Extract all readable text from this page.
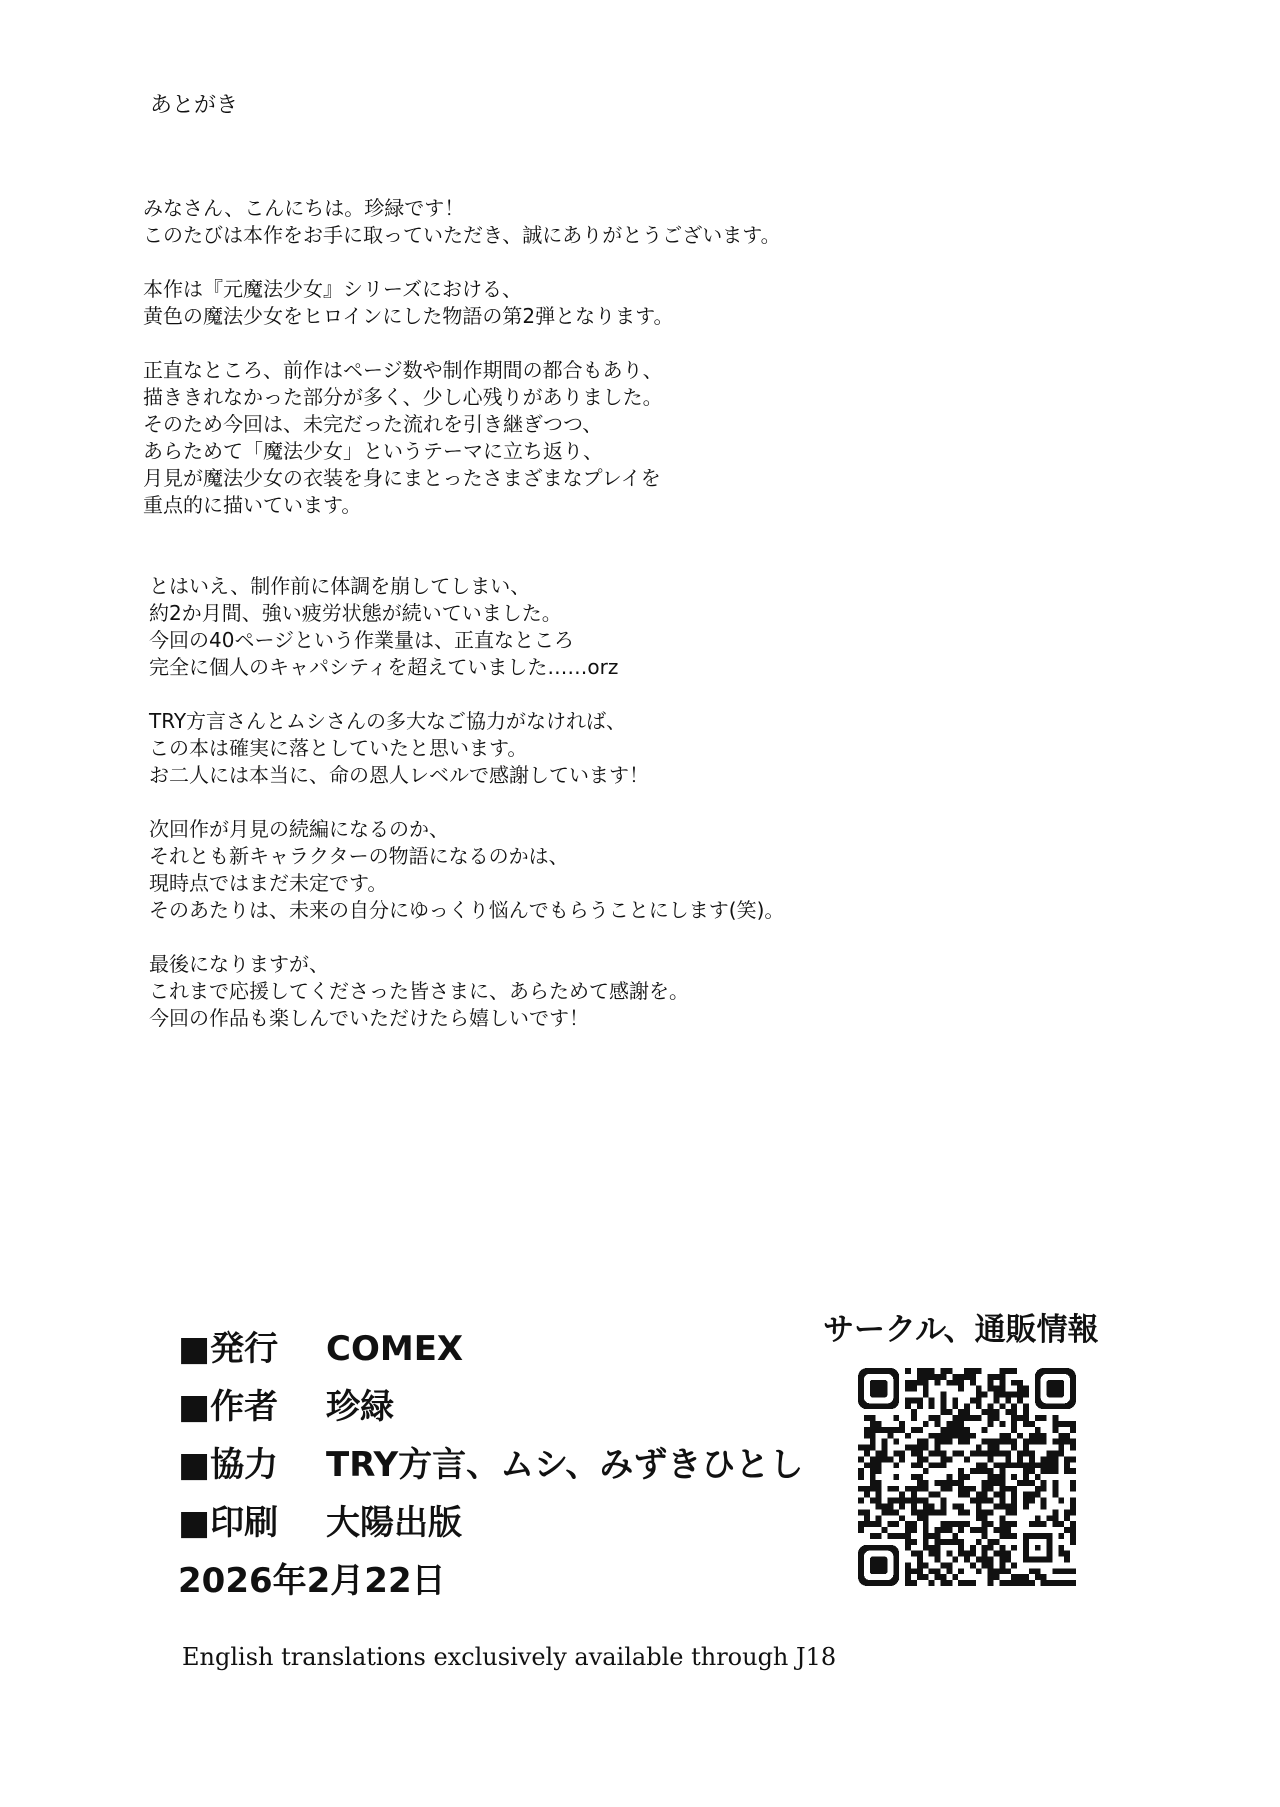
あとがき

みなさん、こんにちは。珍緑です！
このたびは本作をお手に取っていただき、誠にありがとうございます。

本作は『元魔法少女』シリーズにおける、
黄色の魔法少女をヒロインにした物語の第2弾となります。

正直なところ、前作はページ数や制作期間の都合もあり、
描ききれなかった部分が多く、少し心残りがありました。
そのため今回は、未完だった流れを引き継ぎつつ、
あらためて「魔法少女」というテーマに立ち返り、
月見が魔法少女の衣装を身にまとったさまざまなプレイを
重点的に描いています。

とはいえ、制作前に体調を崩してしまい、
約2か月間、強い疲労状態が続いていました。
今回の40ページという作業量は、正直なところ
完全に個人のキャパシティを超えていました……orz

TRY方言さんとムシさんの多大なご協力がなければ、
この本は確実に落としていたと思います。
お二人には本当に、命の恩人レベルで感謝しています！

次回作が月見の続編になるのか、
それとも新キャラクターの物語になるのかは、
現時点ではまだ未定です。
そのあたりは、未来の自分にゆっくり悩んでもらうことにします(笑)。

最後になりますが、
これまで応援してくださった皆さまに、あらためて感謝を。
今回の作品も楽しんでいただけたら嬉しいです！

■発行	COMEX
■作者	珍緑
■協力	TRY方言、ムシ、みずきひとし
■印刷	大陽出版
2026年2月22日
English translations exclusively available through J18
サークル、通販情報
